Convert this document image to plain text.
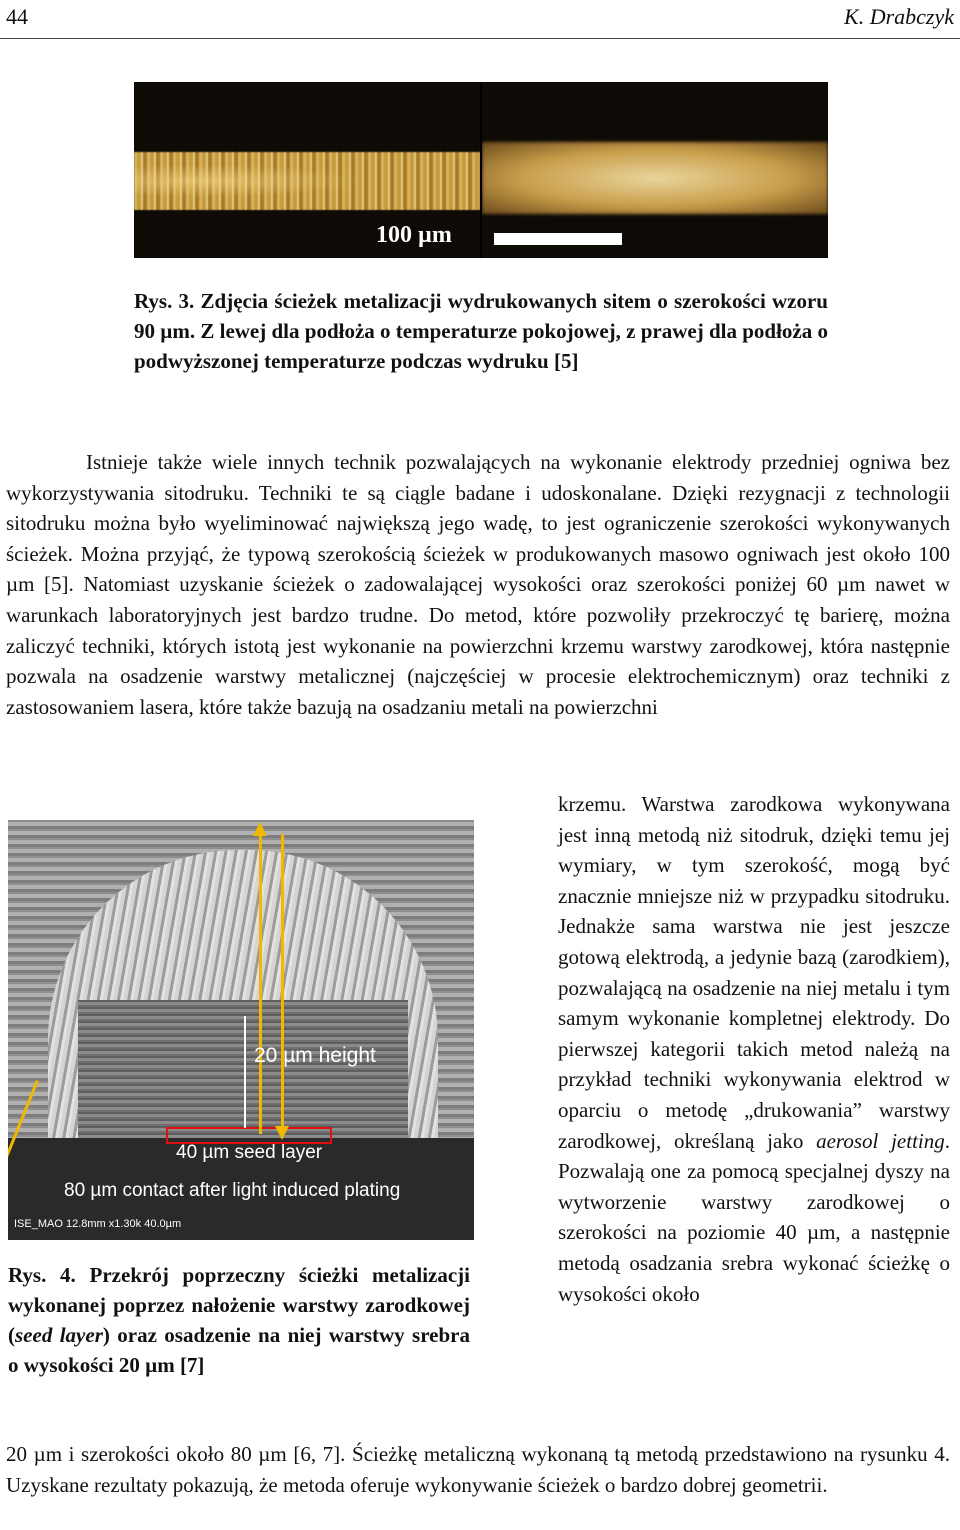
44	K. Drabczyk
100 µm
Rys. 3. Zdjęcia ścieżek metalizacji wydrukowanych sitem o szerokości wzoru 90 µm. Z lewej dla podłoża o temperaturze pokojowej, z prawej dla podłoża o podwyższonej temperaturze podczas wydruku [5]
Istnieje także wiele innych technik pozwalających na wykonanie elektrody przedniej ogniwa bez wykorzystywania sitodruku. Techniki te są ciągle badane i udoskonalane. Dzięki rezygnacji z technologii sitodruku można było wyeliminować największą jego wadę, to jest ograniczenie szerokości wykonywanych ścieżek. Można przyjąć, że typową szerokością ścieżek w produkowanych masowo ogniwach jest około 100 µm [5]. Natomiast uzyskanie ścieżek o zadowalającej wysokości oraz szerokości poniżej 60 µm nawet w warunkach laboratoryjnych jest bardzo trudne. Do metod, które pozwoliły przekroczyć tę barierę, można zaliczyć techniki, których istotą jest wykonanie na powierzchni krzemu warstwy zarodkowej, która następnie pozwala na osadzenie warstwy metalicznej (najczęściej w procesie elektrochemicznym) oraz techniki z zastosowaniem lasera, które także bazują na osadzaniu metali na powierzchni
krzemu. Warstwa zarodkowa wykonywana jest inną metodą niż sitodruk, dzięki temu jej wymiary, w tym szerokość, mogą być znacznie mniejsze niż w przypadku sitodruku. Jednakże sama warstwa nie jest jeszcze gotową elektrodą, a jedynie bazą (zarodkiem), pozwalającą na osadzenie na niej metalu i tym samym wykonanie kompletnej elektrody. Do pierwszej kategorii takich metod należą na przykład techniki wykonywania elektrod w oparciu o metodę „drukowania” warstwy zarodkowej, określaną jako aerosol jetting. Pozwalają one za pomocą specjalnej dyszy na wytworzenie warstwy zarodkowej o szerokości na poziomie 40 µm, a następnie metodą osadzania srebra wykonać ścieżkę o wysokości około
20 µm height
40 µm seed layer
80 µm contact after light induced plating
ISE_MAO 12.8mm x1.30k 40.0µm
Rys. 4. Przekrój poprzeczny ścieżki metalizacji wykonanej poprzez nałożenie warstwy zarodkowej (seed layer) oraz osadzenie na niej warstwy srebra o wysokości 20 µm [7]
20 µm i szerokości około 80 µm [6, 7]. Ścieżkę metaliczną wykonaną tą metodą przedstawiono na rysunku 4. Uzyskane rezultaty pokazują, że metoda oferuje wykonywanie ścieżek o bardzo dobrej geometrii.
